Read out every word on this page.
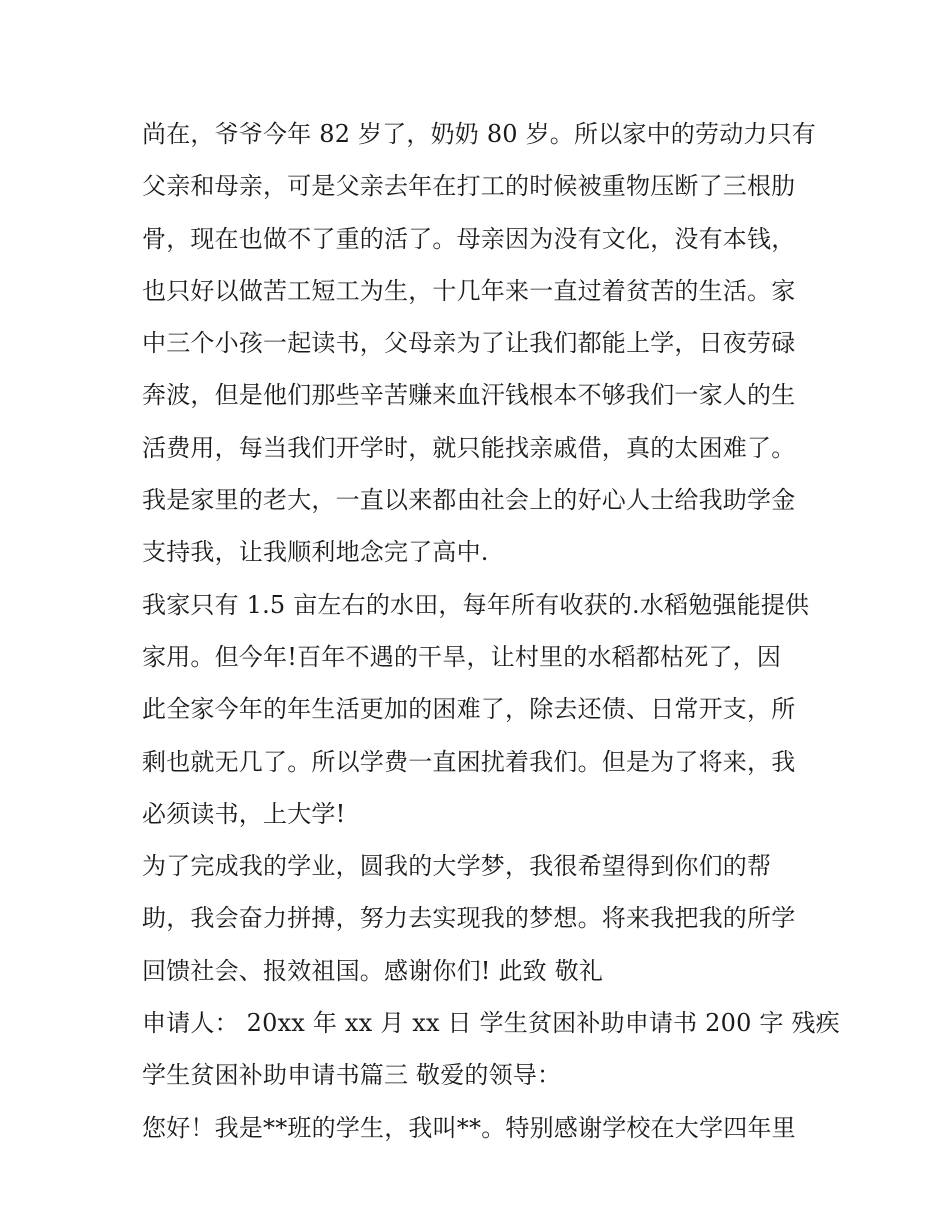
尚在，爷爷今年 82 岁了，奶奶 80 岁。所以家中的劳动力只有
父亲和母亲，可是父亲去年在打工的时候被重物压断了三根肋
骨，现在也做不了重的活了。母亲因为没有文化，没有本钱，
也只好以做苦工短工为生，十几年来一直过着贫苦的生活。家
中三个小孩一起读书，父母亲为了让我们都能上学，日夜劳碌
奔波，但是他们那些辛苦赚来血汗钱根本不够我们一家人的生
活费用，每当我们开学时，就只能找亲戚借，真的太困难了。
我是家里的老大，一直以来都由社会上的好心人士给我助学金
支持我，让我顺利地念完了高中.
我家只有 1.5 亩左右的水田，每年所有收获的.水稻勉强能提供
家用。但今年!百年不遇的干旱，让村里的水稻都枯死了，因
此全家今年的年生活更加的困难了，除去还债、日常开支，所
剩也就无几了。所以学费一直困扰着我们。但是为了将来，我
必须读书，上大学!
为了完成我的学业，圆我的大学梦，我很希望得到你们的帮
助，我会奋力拼搏，努力去实现我的梦想。将来我把我的所学
回馈社会、报效祖国。感谢你们! 此致 敬礼
申请人： 20xx 年 xx 月 xx 日 学生贫困补助申请书 200 字 残疾
学生贫困补助申请书篇三 敬爱的领导：
您好！我是**班的学生，我叫**。特别感谢学校在大学四年里
